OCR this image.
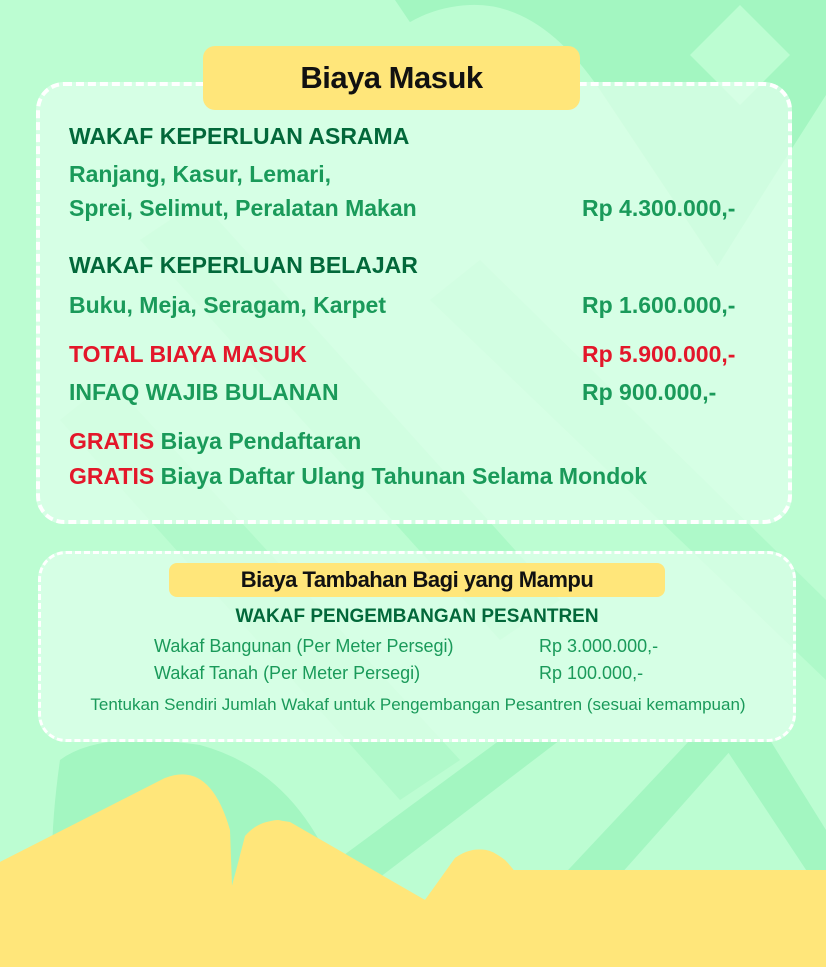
Biaya Masuk
WAKAF KEPERLUAN ASRAMA
Ranjang, Kasur, Lemari,
Sprei, Selimut, Peralatan Makan	Rp 4.300.000,-
WAKAF KEPERLUAN BELAJAR
Buku, Meja, Seragam, Karpet	Rp 1.600.000,-
TOTAL BIAYA MASUK	Rp 5.900.000,-
INFAQ WAJIB BULANAN	Rp 900.000,-
GRATIS Biaya Pendaftaran
GRATIS Biaya Daftar Ulang Tahunan Selama Mondok
Biaya Tambahan Bagi yang Mampu
WAKAF PENGEMBANGAN PESANTREN
Wakaf Bangunan (Per Meter Persegi)	Rp 3.000.000,-
Wakaf Tanah (Per Meter Persegi)	Rp 100.000,-
Tentukan Sendiri Jumlah Wakaf untuk Pengembangan Pesantren (sesuai kemampuan)
